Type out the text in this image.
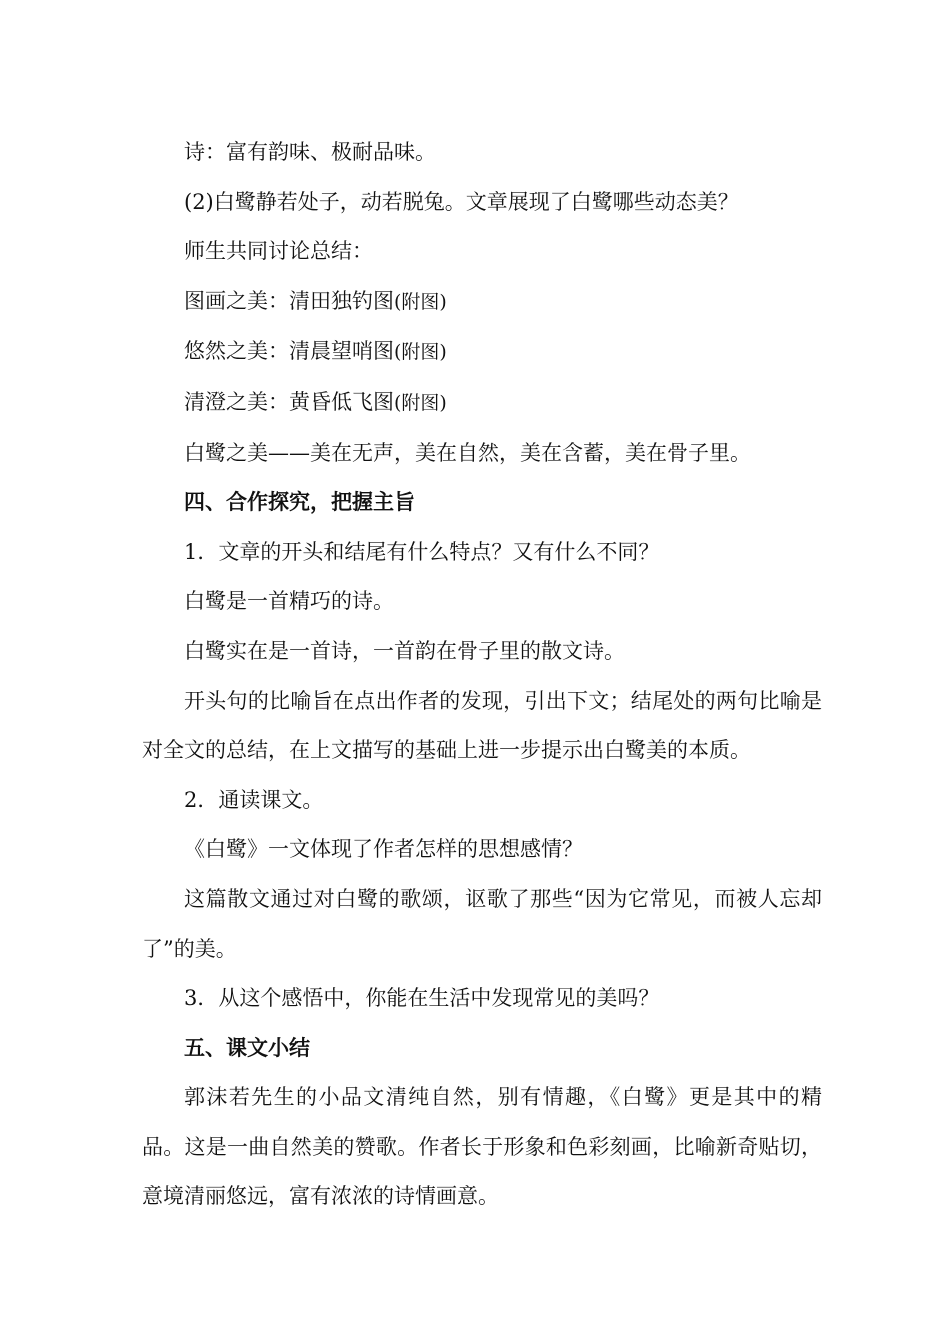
诗：富有韵味、极耐品味。

(2)白鹭静若处子，动若脱兔。文章展现了白鹭哪些动态美？

师生共同讨论总结：

图画之美：清田独钓图(附图)

悠然之美：清晨望哨图(附图)

清澄之美：黄昏低飞图(附图)

白鹭之美——美在无声，美在自然，美在含蓄，美在骨子里。

四、合作探究，把握主旨

1．文章的开头和结尾有什么特点？又有什么不同？

白鹭是一首精巧的诗。

白鹭实在是一首诗，一首韵在骨子里的散文诗。

开头句的比喻旨在点出作者的发现，引出下文；结尾处的两句比喻是对全文的总结，在上文描写的基础上进一步提示出白鹭美的本质。

2．通读课文。

《白鹭》一文体现了作者怎样的思想感情？

这篇散文通过对白鹭的歌颂，讴歌了那些“因为它常见，而被人忘却了”的美。

3．从这个感悟中，你能在生活中发现常见的美吗？

五、课文小结

郭沫若先生的小品文清纯自然，别有情趣，《白鹭》更是其中的精品。这是一曲自然美的赞歌。作者长于形象和色彩刻画，比喻新奇贴切，意境清丽悠远，富有浓浓的诗情画意。
